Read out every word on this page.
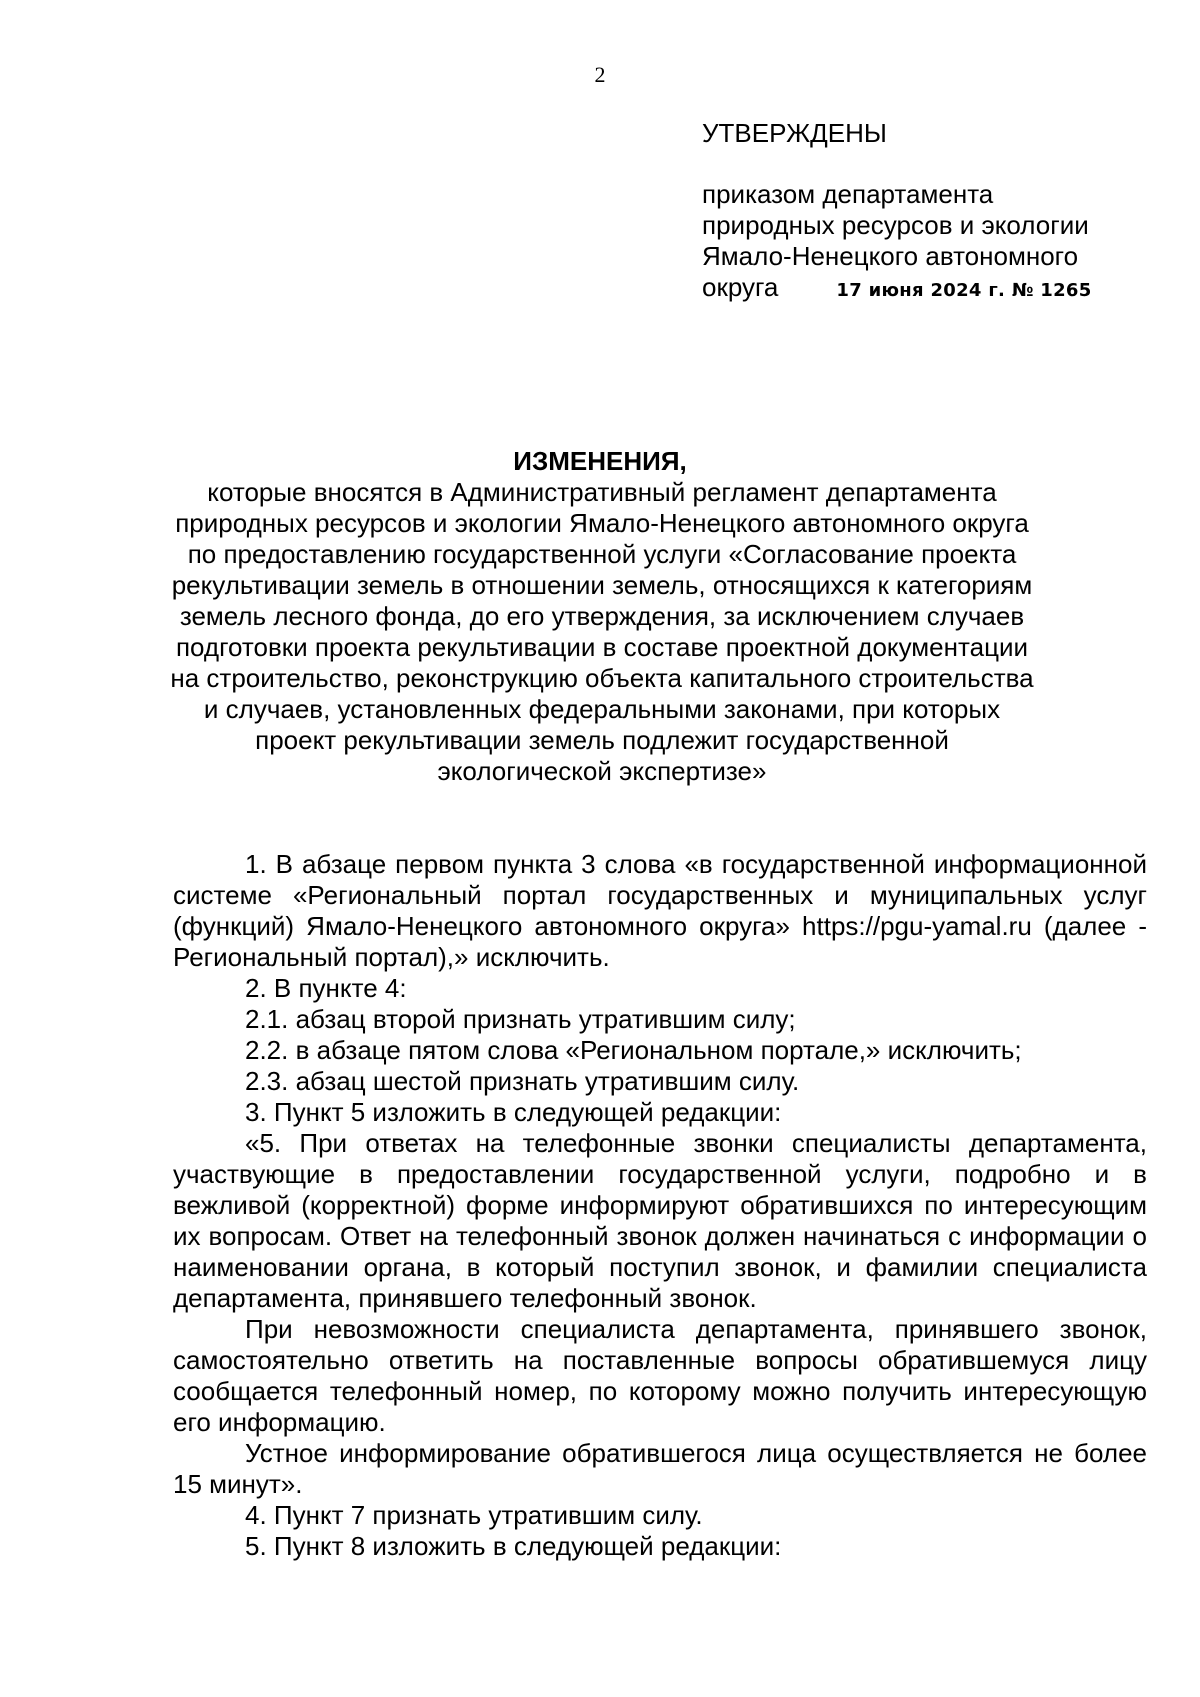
2
УТВЕРЖДЕНЫ
приказом департамента
природных ресурсов и экологии
Ямало-Ненецкого автономного
округа	17 июня 2024 г. № 1265
ИЗМЕНЕНИЯ,

которые вносятся в Административный регламент департамента природных ресурсов и экологии Ямало-Ненецкого автономного округа по предоставлению государственной услуги «Согласование проекта рекультивации земель в отношении земель, относящихся к категориям земель лесного фонда, до его утверждения, за исключением случаев подготовки проекта рекультивации в составе проектной документации на строительство, реконструкцию объекта капитального строительства и случаев, установленных федеральными законами, при которых проект рекультивации земель подлежит государственной экологической экспертизе»

1. В абзаце первом пункта 3 слова «в государственной информационной системе «Региональный портал государственных и муниципальных услуг (функций) Ямало-Ненецкого автономного округа» https://pgu-yamal.ru (далее - Региональный портал),» исключить.

2. В пункте 4:

2.1. абзац второй признать утратившим силу;

2.2. в абзаце пятом слова «Региональном портале,» исключить;

2.3. абзац шестой признать утратившим силу.

3. Пункт 5 изложить в следующей редакции:

«5. При ответах на телефонные звонки специалисты департамента, участвующие в предоставлении государственной услуги, подробно и в вежливой (корректной) форме информируют обратившихся по интересующим их вопросам. Ответ на телефонный звонок должен начинаться с информации о наименовании органа, в который поступил звонок, и фамилии специалиста департамента, принявшего телефонный звонок.

При невозможности специалиста департамента, принявшего звонок, самостоятельно ответить на поставленные вопросы обратившемуся лицу сообщается телефонный номер, по которому можно получить интересующую его информацию.

Устное информирование обратившегося лица осуществляется не более 15 минут».

4. Пункт 7 признать утратившим силу.

5. Пункт 8 изложить в следующей редакции:
